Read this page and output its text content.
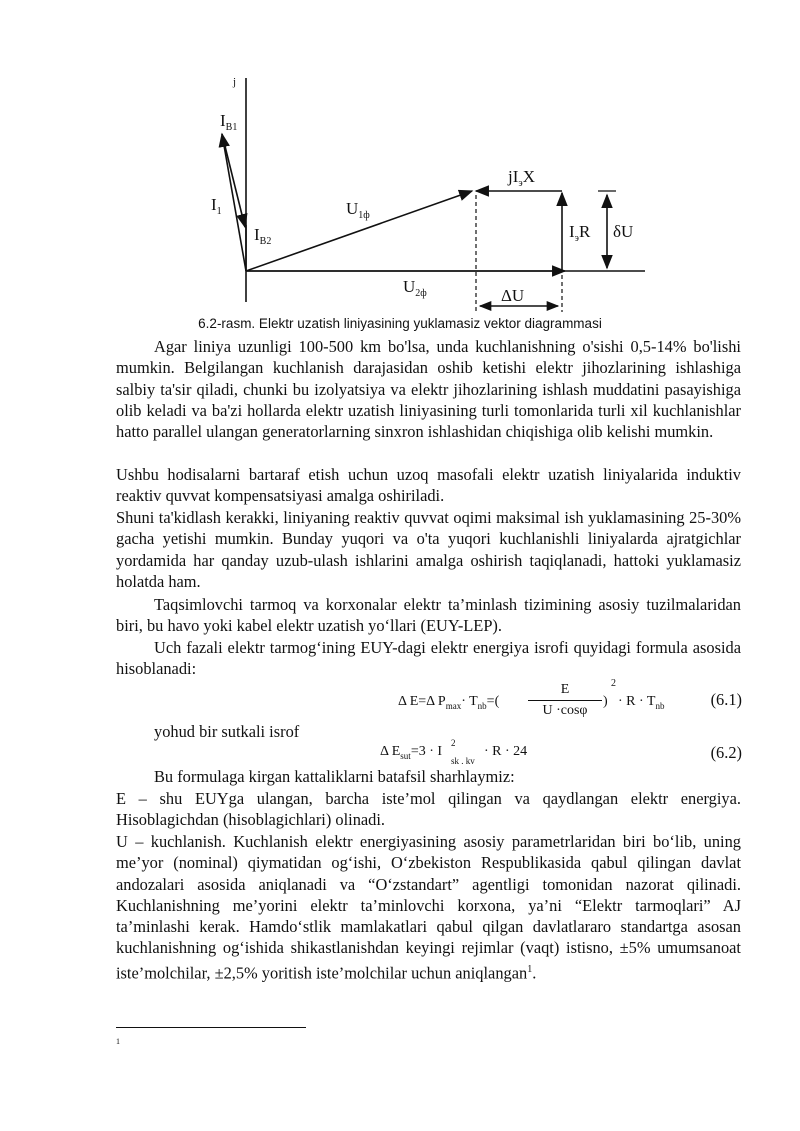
j
$I_{B1}$
$I_1$
$I_{B2}$
$U_{1ф}$
$jI_эX$
$I_эR$ δU
$U_{2ф}$	ΔU
6.2-rasm. Elektr uzatish liniyasining yuklamasiz vektor diagrammasi

Agar liniya uzunligi 100-500 km bo'lsa, unda kuchlanishning o'sishi 0,5-14% bo'lishi mumkin. Belgilangan kuchlanish darajasidan oshib ketishi elektr jihozlarining ishlashiga salbiy ta'sir qiladi, chunki bu izolyatsiya va elektr jihozlarining ishlash muddatini pasayishiga olib keladi va ba'zi hollarda elektr uzatish liniyasining turli tomonlarida turli xil kuchlanishlar hatto parallel ulangan generatorlarning sinxron ishlashidan chiqishiga olib kelishi mumkin.

Ushbu hodisalarni bartaraf etish uchun uzoq masofali elektr uzatish liniyalarida induktiv reaktiv quvvat kompensatsiyasi amalga oshiriladi.

Shuni ta'kidlash kerakki, liniyaning reaktiv quvvat oqimi maksimal ish yuklamasining 25-30% gacha yetishi mumkin. Bunday yuqori va o'ta yuqori kuchlanishli liniyalarda ajratgichlar yordamida har qanday uzub-ulash ishlarini amalga oshirish taqiqlanadi, hattoki yuklamasiz holatda ham.

Taqsimlovchi tarmoq va korxonalar elektr ta’minlash tizimining asosiy tuzilmalaridan biri, bu havo yoki kabel elektr uzatish yo‘llari (EUY-LEP).

Uch fazali elektr tarmog‘ining EUY-dagi elektr energiya isrofi quyidagi formula asosida hisoblanadi:

Δ E=Δ $P_{max}\cdot T_{nb}=$(
E
U ·cosφ
)
2
· $R \cdot T_{nb}$	(6.1)

yohud bir sutkali isrof

Δ $E_{sut}=3 \cdot I$
2
sk . kv
· R · 24	(6.2)

Bu formulaga kirgan kattaliklarni batafsil sharhlaymiz:

E – shu EUYga ulangan, barcha iste’mol qilingan va qaydlangan elektr energiya. Hisoblagichdan (hisoblagichlari) olinadi.

U – kuchlanish. Kuchlanish elektr energiyasining asosiy parametrlaridan biri bo‘lib, uning me’yor (nominal) qiymatidan og‘ishi, O‘zbekiston Respublikasida qabul qilingan davlat andozalari asosida aniqlanadi va “O‘zstandart” agentligi tomonidan nazorat qilinadi. Kuchlanishning me’yorini elektr ta’minlovchi korxona, ya’ni “Elektr tarmoqlari” AJ ta’minlashi kerak. Hamdo‘stlik mamlakatlari qabul qilgan davlatlararo standartga asosan kuchlanishning og‘ishida shikastlanishdan keyingi rejimlar (vaqt) istisno, ±5% umumsanoat iste’molchilar, ±2,5% yoritish iste’molchilar uchun aniqlangan$^1$.

1
